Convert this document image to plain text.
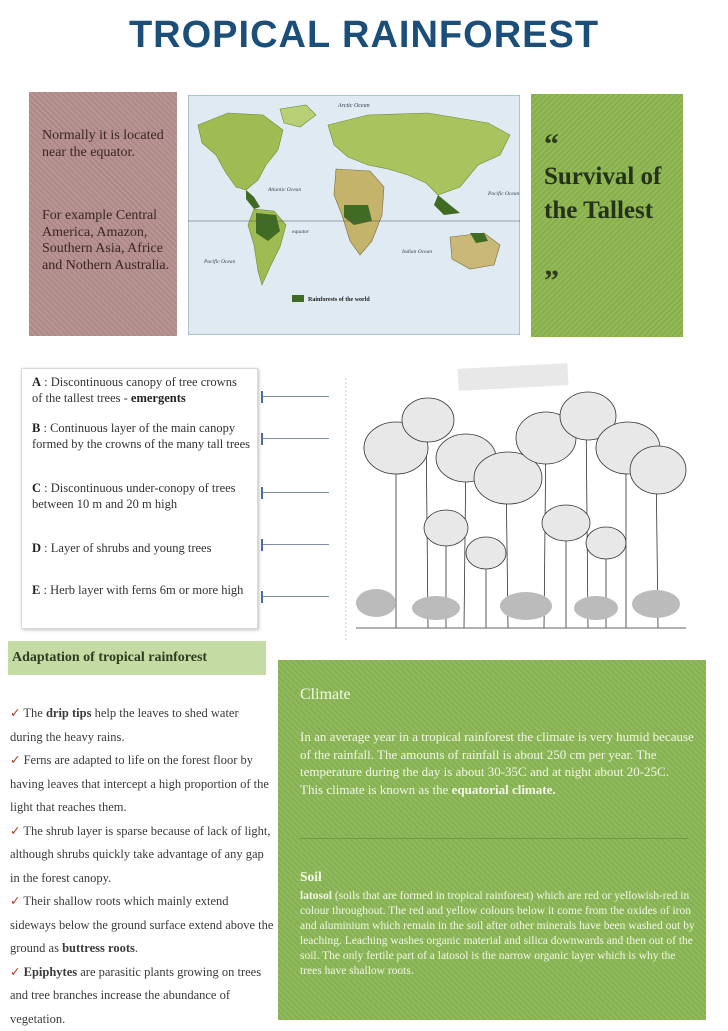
TROPICAL RAINFOREST
Normally it is located near the equator.
For example Central America, Amazon, Southern Asia, Africe and Nothern Australia.
Arctic Ocean
Atlantic Ocean
Pacific Ocean
Pacific Ocean
Indian Ocean
equator
Rainforests of the world
“
Survival of the Tallest
”
A : Discontinuous canopy of tree crowns of the tallest trees - emergents
B : Continuous layer of the main canopy formed by the crowns of the many tall trees
C : Discontinuous under-conopy of trees between 10 m and 20 m high
D : Layer of shrubs and young trees
E : Herb layer with ferns 6m or more high
Adaptation of tropical rainforest
✓ The drip tips help the leaves to shed water during the heavy rains.
✓ Ferns are adapted to life on the forest floor by having leaves that intercept a high proportion of the light that reaches them.
✓ The shrub layer is sparse because of lack of light, although shrubs quickly take advantage of any gap in the forest canopy.
✓ Their shallow roots which mainly extend sideways below the ground surface extend above the ground as buttress roots.
✓ Epiphytes are parasitic plants growing on trees and tree branches increase the abundance of vegetation.
Climate
In an average year in a tropical rainforest the climate is very humid because of the rainfall. The amounts of rainfall is about 250 cm per year. The temperature during the day is about 30-35C and at night about 20-25C. This climate is known as the equatorial climate.
Soil
latosol (soils that are formed in tropical rainforest) which are red or yellowish-red in colour throughout. The red and yellow colours below it come from the oxides of iron and aluminium which remain in the soil after other minerals have been washed out by leaching. Leaching washes organic material and silica downwards and then out of the soil. The only fertile part of a latosol is the narrow organic layer which is why the trees have shallow roots.
